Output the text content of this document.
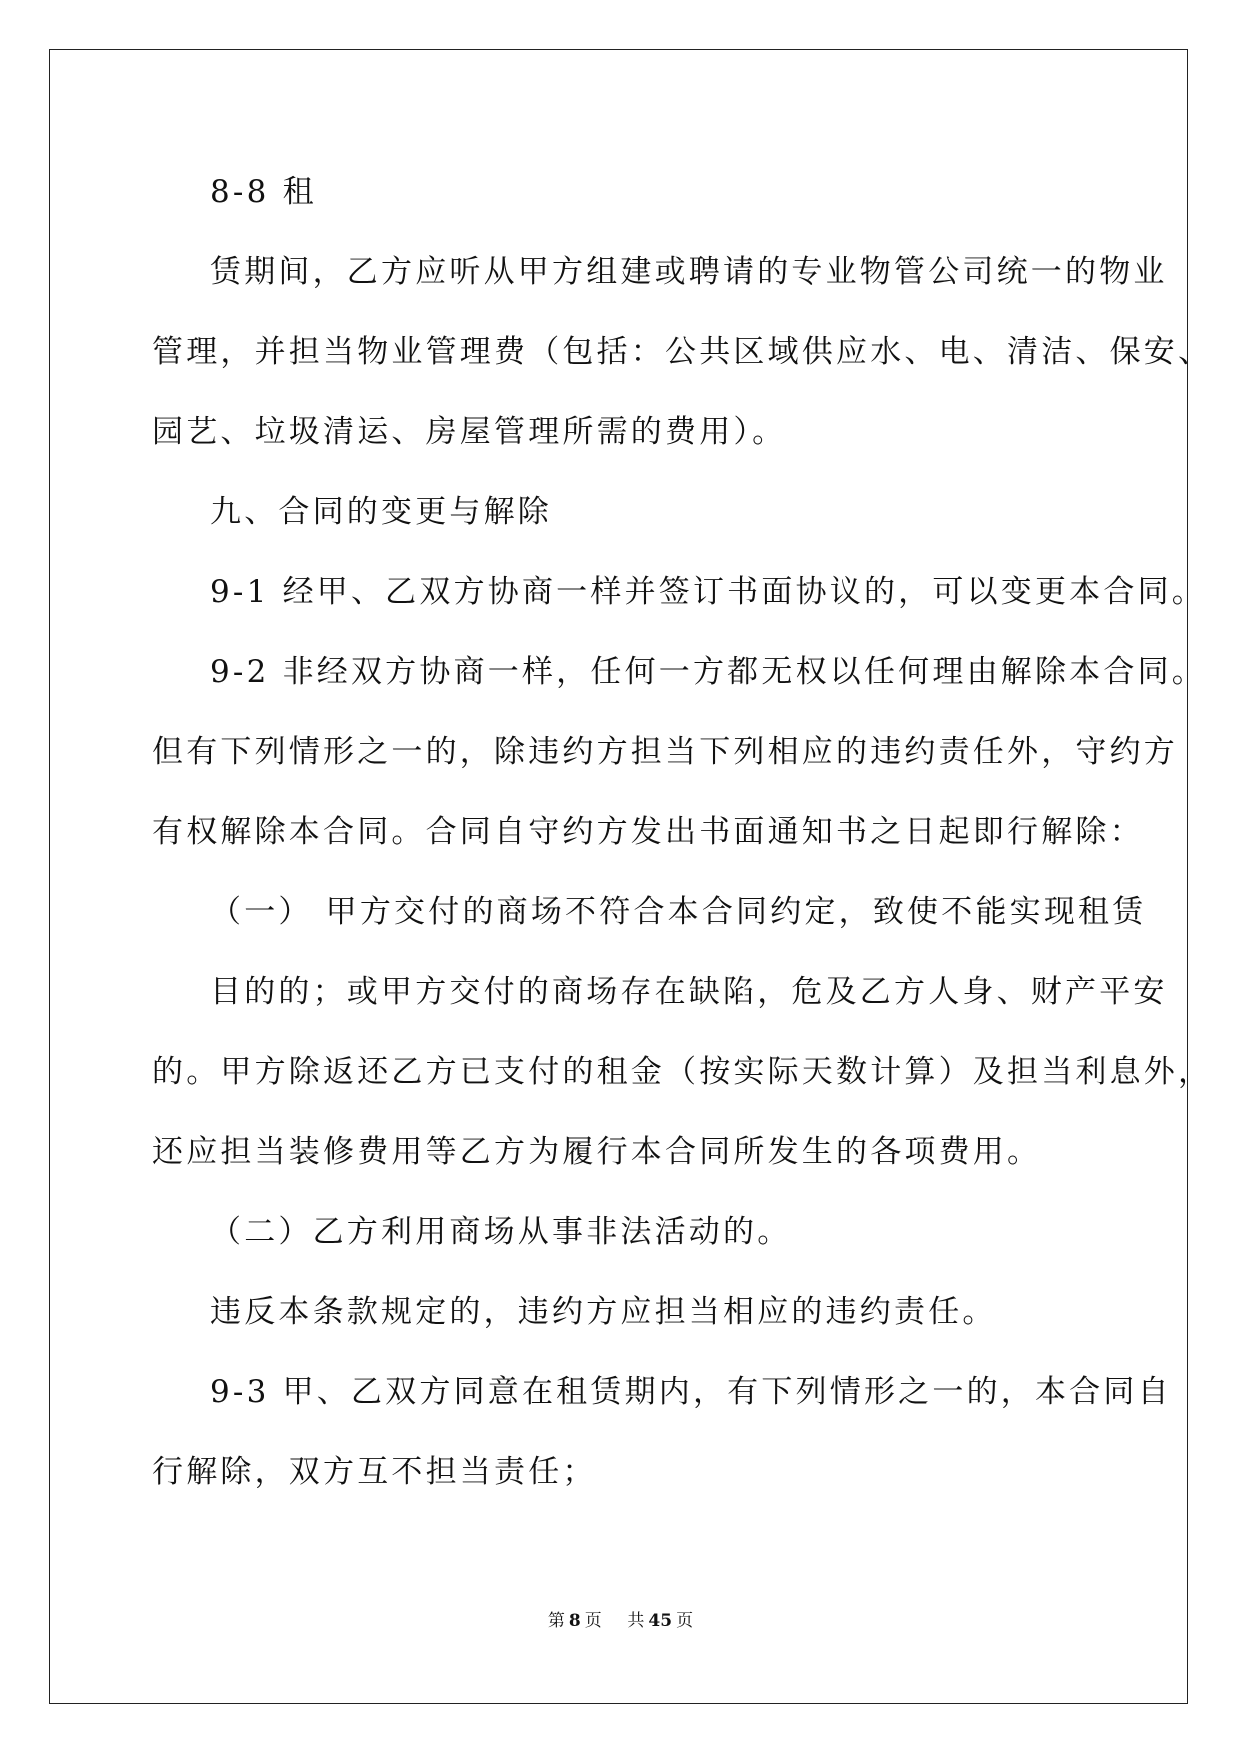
8-8 租
赁期间，乙方应听从甲方组建或聘请的专业物管公司统一的物业
管理，并担当物业管理费（包括：公共区域供应水、电、清洁、保安、
园艺、垃圾清运、房屋管理所需的费用）。
九、合同的变更与解除
9-1 经甲、乙双方协商一样并签订书面协议的，可以变更本合同。
9-2 非经双方协商一样，任何一方都无权以任何理由解除本合同。
但有下列情形之一的，除违约方担当下列相应的违约责任外，守约方
有权解除本合同。合同自守约方发出书面通知书之日起即行解除：
（一） 甲方交付的商场不符合本合同约定，致使不能实现租赁
目的的；或甲方交付的商场存在缺陷，危及乙方人身、财产平安
的。甲方除返还乙方已支付的租金（按实际天数计算）及担当利息外，
还应担当装修费用等乙方为履行本合同所发生的各项费用。
（二）乙方利用商场从事非法活动的。
违反本条款规定的，违约方应担当相应的违约责任。
9-3 甲、乙双方同意在租赁期内，有下列情形之一的，本合同自
行解除，双方互不担当责任；
第 8 页 共 45 页
